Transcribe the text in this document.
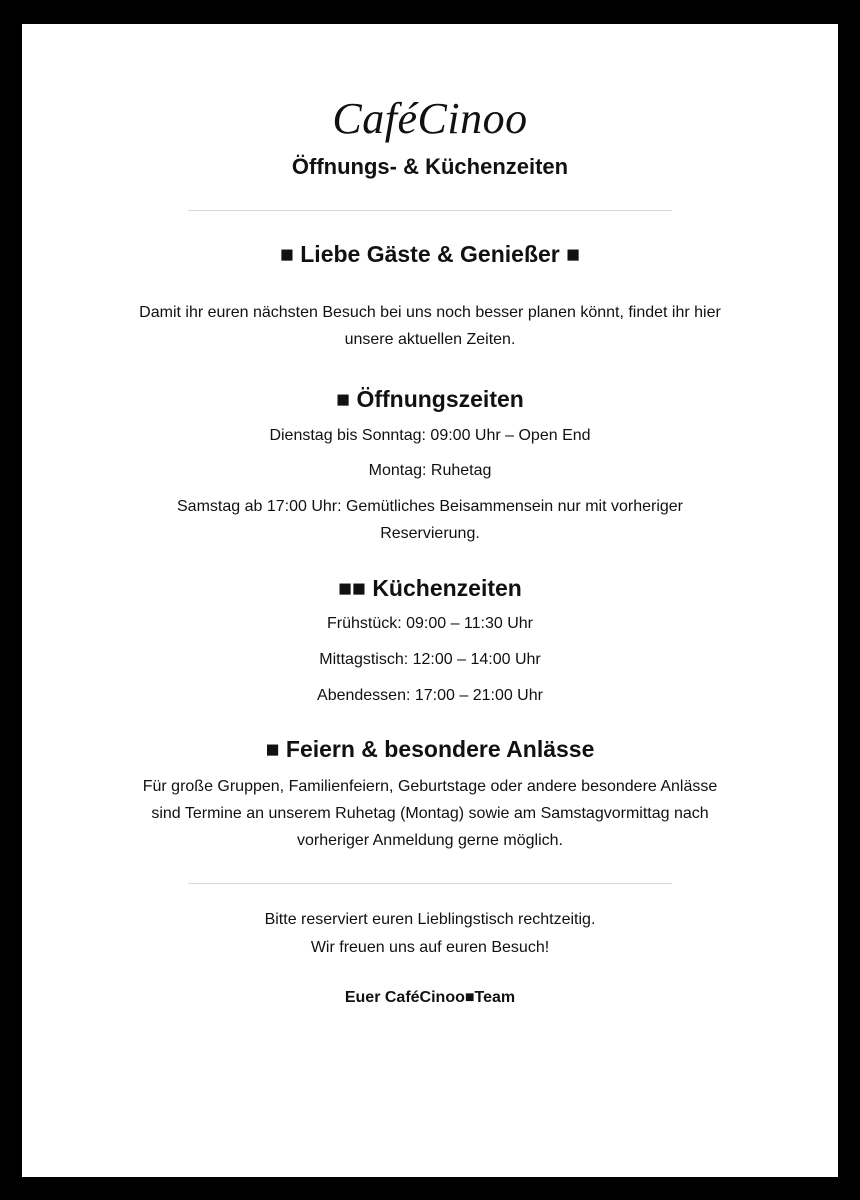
CaféCinoo
Öffnungs- & Küchenzeiten
■ Liebe Gäste & Genießer ■
Damit ihr euren nächsten Besuch bei uns noch besser planen könnt, findet ihr hier unsere aktuellen Zeiten.
■ Öffnungszeiten
Dienstag bis Sonntag: 09:00 Uhr – Open End
Montag: Ruhetag
Samstag ab 17:00 Uhr: Gemütliches Beisammensein nur mit vorheriger Reservierung.
■■ Küchenzeiten
Frühstück: 09:00 – 11:30 Uhr
Mittagstisch: 12:00 – 14:00 Uhr
Abendessen: 17:00 – 21:00 Uhr
■ Feiern & besondere Anlässe
Für große Gruppen, Familienfeiern, Geburtstage oder andere besondere Anlässe sind Termine an unserem Ruhetag (Montag) sowie am Samstagvormittag nach vorheriger Anmeldung gerne möglich.
Bitte reserviert euren Lieblingstisch rechtzeitig.
Wir freuen uns auf euren Besuch!
Euer CaféCinoo■Team
